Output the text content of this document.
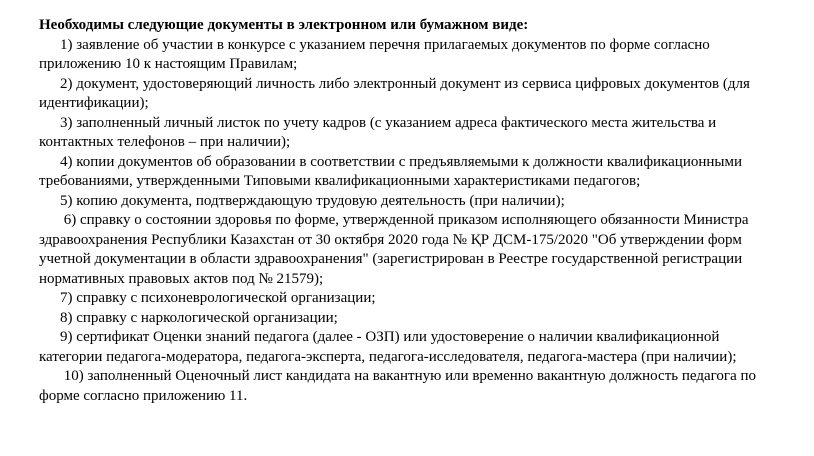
Необходимы следующие документы в электронном или бумажном виде:

1) заявление об участии в конкурсе с указанием перечня прилагаемых документов по форме согласно приложению 10 к настоящим Правилам;

2) документ, удостоверяющий личность либо электронный документ из сервиса цифровых документов (для идентификации);

3) заполненный личный листок по учету кадров (с указанием адреса фактического места жительства и контактных телефонов – при наличии);

4) копии документов об образовании в соответствии с предъявляемыми к должности квалификационными требованиями, утвержденными Типовыми квалификационными характеристиками педагогов;

5) копию документа, подтверждающую трудовую деятельность (при наличии);

6) справку о состоянии здоровья по форме, утвержденной приказом исполняющего обязанности Министра здравоохранения Республики Казахстан от 30 октября 2020 года № ҚР ДСМ-175/2020 "Об утверждении форм учетной документации в области здравоохранения" (зарегистрирован в Реестре государственной регистрации нормативных правовых актов под № 21579);

7) справку с психоневрологической организации;

8) справку с наркологической организации;

9) сертификат Оценки знаний педагога (далее - ОЗП) или удостоверение о наличии квалификационной категории педагога-модератора, педагога-эксперта, педагога-исследователя, педагога-мастера (при наличии);

10) заполненный Оценочный лист кандидата на вакантную или временно вакантную должность педагога по форме согласно приложению 11.
